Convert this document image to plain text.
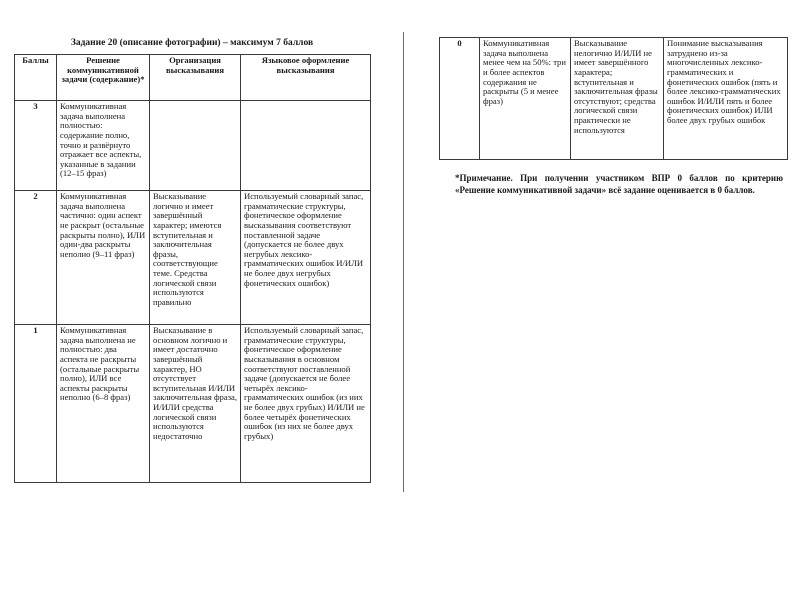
Задание 20 (описание фотографии) – максимум 7 баллов
Баллы	Решение коммуникативной задачи (содержание)*	Организация высказывания	Языковое оформление высказывания
3	Коммуникативная задача выполнена полностью: содержание полно, точно и развёрнуто отражает все аспекты, указанные в задании (12–15 фраз)		
2	Коммуникативная задача выполнена частично: один аспект не раскрыт (остальные раскрыты полно), ИЛИ один-два раскрыты неполно (9–11 фраз)	Высказывание логично и имеет завершённый характер; имеются вступительная и заключительная фразы, соответствующие теме. Средства логической связи используются правильно	Используемый словарный запас, грамматические структуры, фонетическое оформление высказывания соответствуют поставленной задаче (допускается не более двух негрубых лексико-грамматических ошибок И/ИЛИ не более двух негрубых фонетических ошибок)
1	Коммуникативная задача выполнена не полностью: два аспекта не раскрыты (остальные раскрыты полно), ИЛИ все аспекты раскрыты неполно (6–8 фраз)	Высказывание в основном логично и имеет достаточно завершённый характер, НО отсутствует вступительная И/ИЛИ заключительная фраза, И/ИЛИ средства логической связи используются недостаточно	Используемый словарный запас, грамматические структуры, фонетическое оформление высказывания в основном соответствуют поставленной задаче (допускается не более четырёх лексико-грамматических ошибок (из них не более двух грубых) И/ИЛИ не более четырёх фонетических ошибок (из них не более двух грубых)
0	Коммуникативная задача выполнена менее чем на 50%: три и более аспектов содержания не раскрыты (5 и менее фраз)	Высказывание нелогично И/ИЛИ не имеет завершённого характера; вступительная и заключительная фразы отсутствуют; средства логической связи практически не используются	Понимание высказывания затруднено из-за многочисленных лексико-грамматических и фонетических ошибок (пять и более лексико-грамматических ошибок И/ИЛИ пять и более фонетических ошибок) ИЛИ более двух грубых ошибок
*Примечание. При получении участником ВПР 0 баллов по критерию «Решение коммуникативной задачи» всё задание оценивается в 0 баллов.
